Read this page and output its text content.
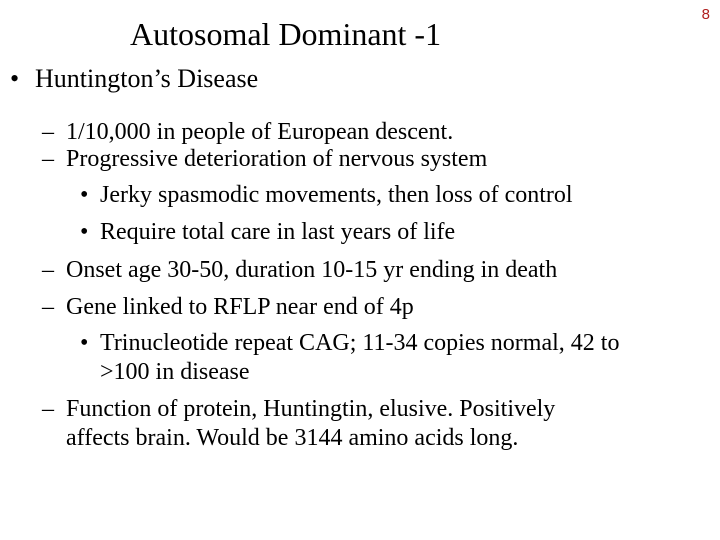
Autosomal Dominant -1
8
• Huntington’s Disease
– 1/10,000 in people of European descent.
– Progressive deterioration of nervous system
• Jerky spasmodic movements, then loss of control
• Require total care in last years of life
– Onset age 30-50, duration 10-15 yr ending in death
– Gene linked to RFLP near end of 4p
• Trinucleotide repeat CAG; 11-34 copies normal, 42 to
>100 in disease
– Function of protein, Huntingtin, elusive. Positively
affects brain. Would be 3144 amino acids long.
